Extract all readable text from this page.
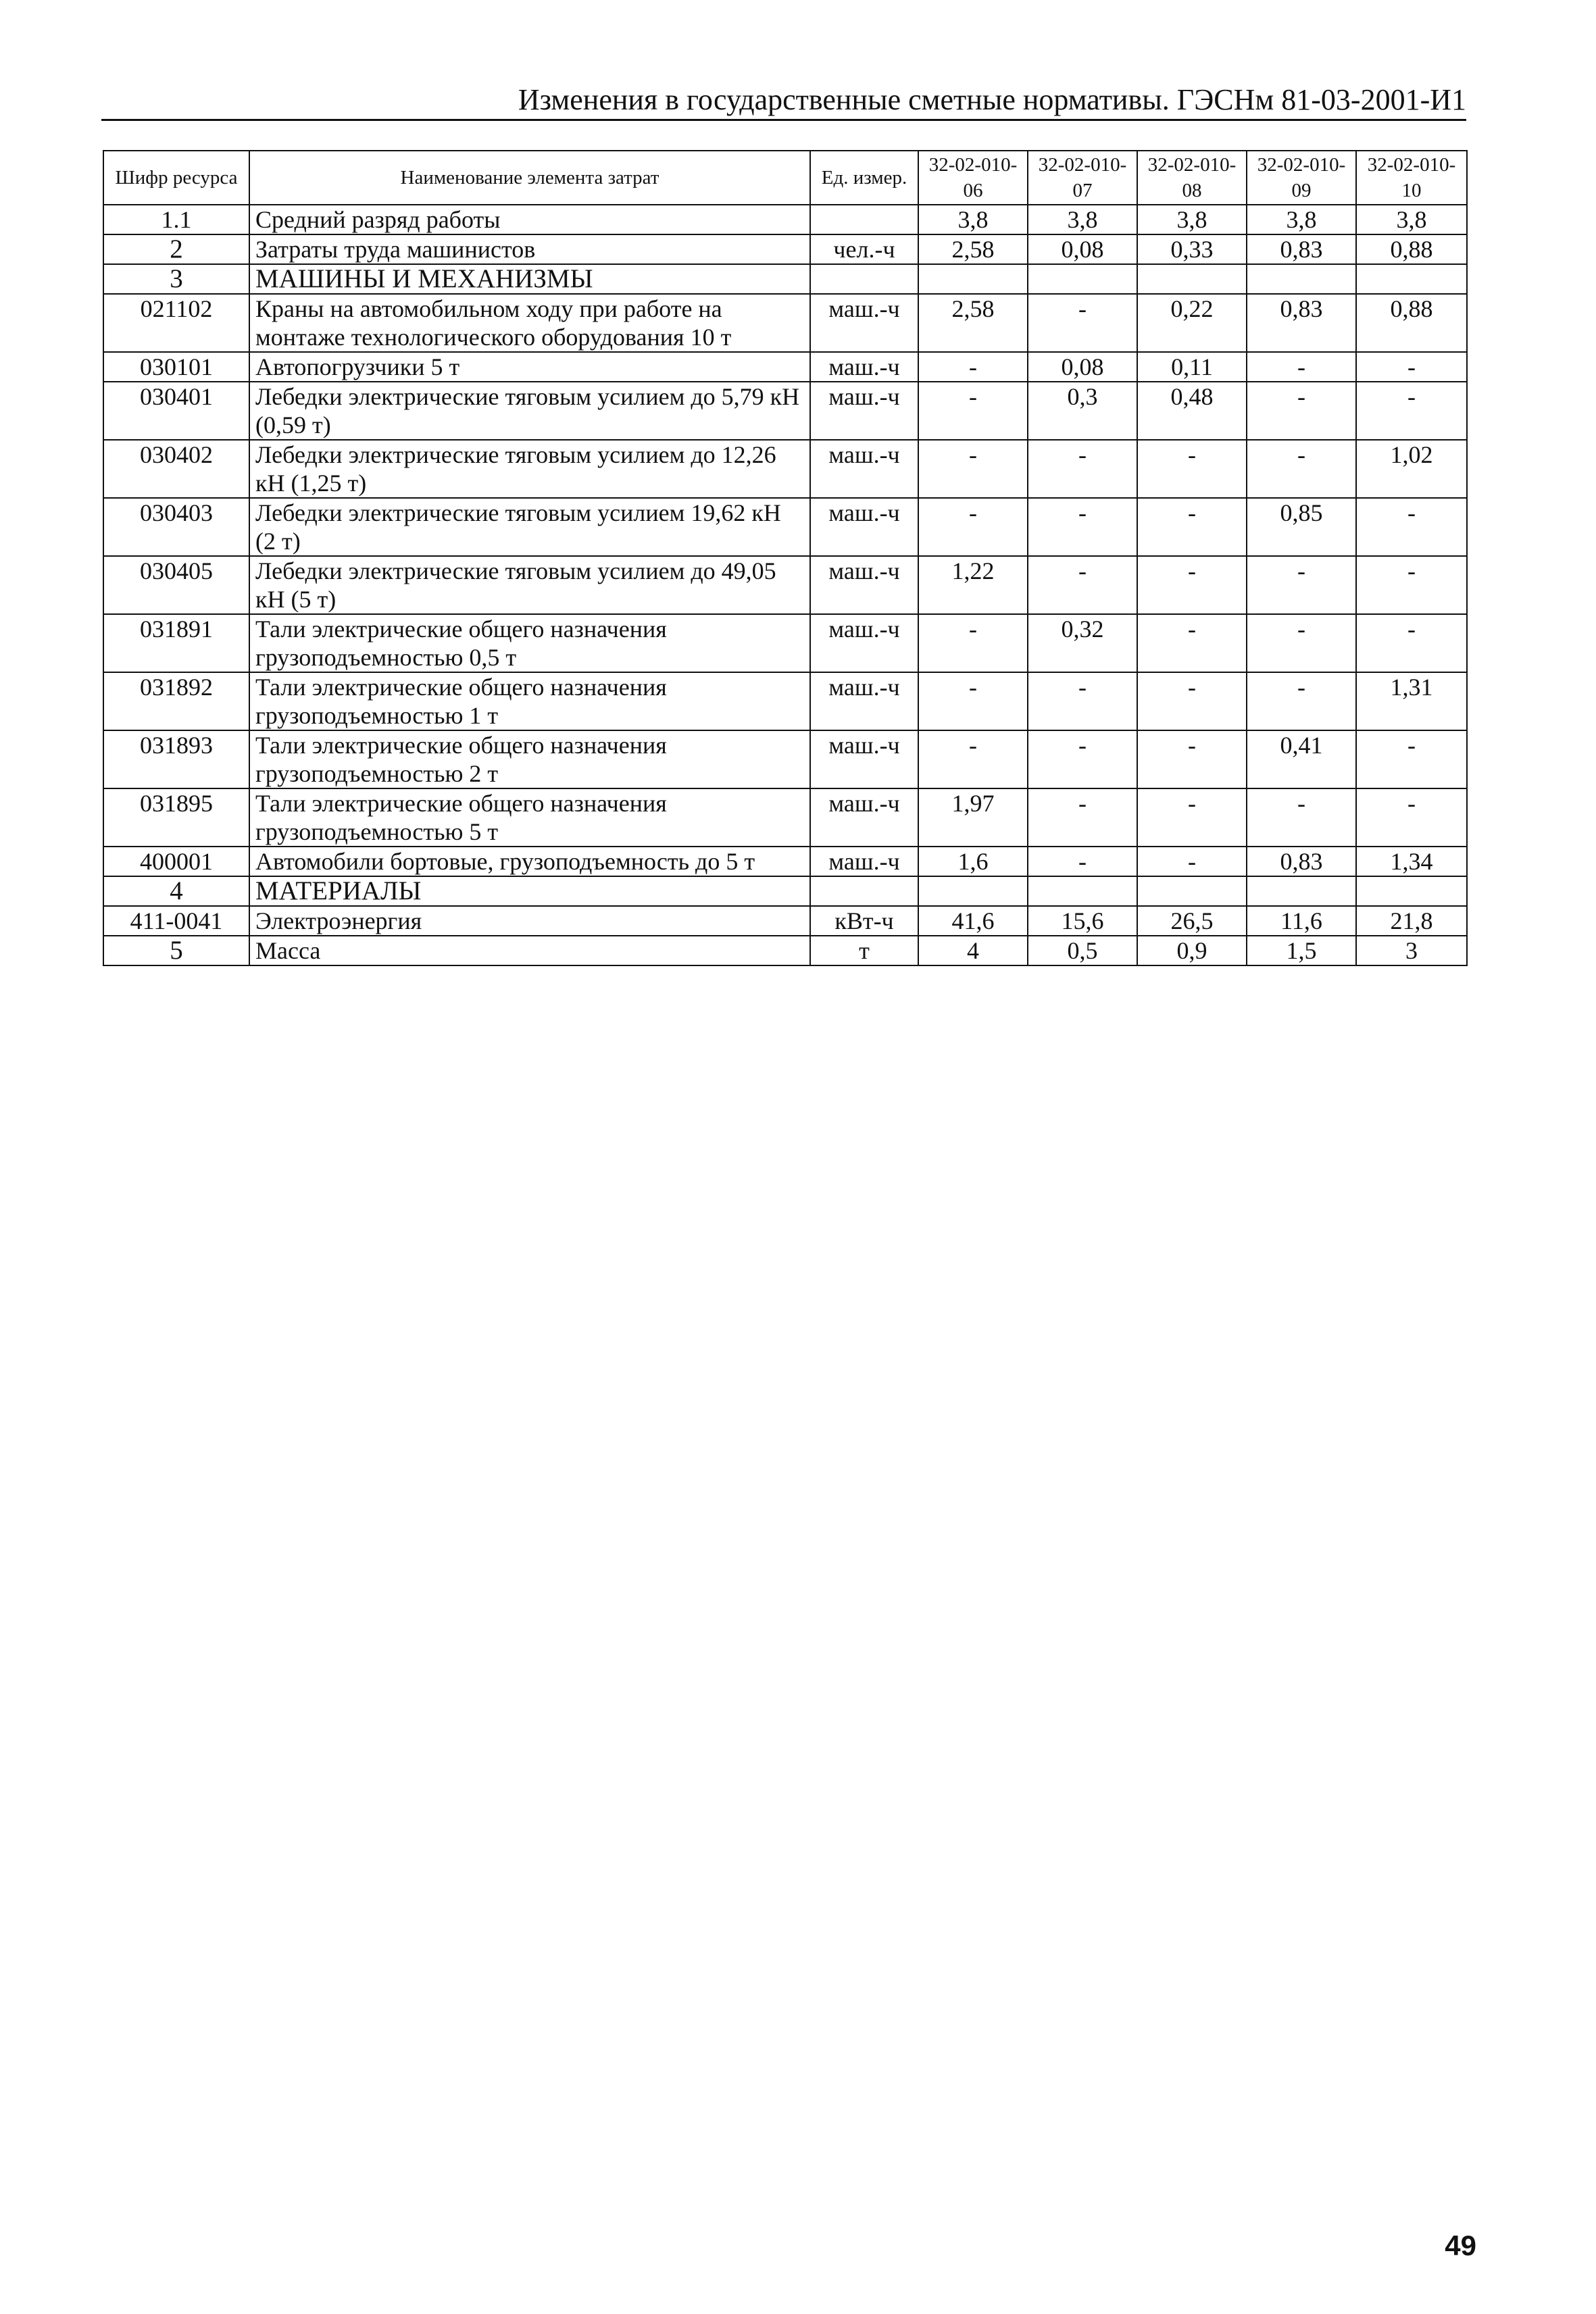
Изменения в государственные сметные нормативы. ГЭСНм 81-03-2001-И1
Шифр ресурса	Наименование элемента затрат	Ед. измер.	32-02-010-06	32-02-010-07	32-02-010-08	32-02-010-09	32-02-010-10
1.1	Средний разряд работы		3,8	3,8	3,8	3,8	3,8
2	Затраты труда машинистов	чел.-ч	2,58	0,08	0,33	0,83	0,88
3	МАШИНЫ И МЕХАНИЗМЫ						
021102	Краны на автомобильном ходу при работе на монтаже технологического оборудования 10 т	маш.-ч	2,58	-	0,22	0,83	0,88
030101	Автопогрузчики 5 т	маш.-ч	-	0,08	0,11	-	-
030401	Лебедки электрические тяговым усилием до 5,79 кН (0,59 т)	маш.-ч	-	0,3	0,48	-	-
030402	Лебедки электрические тяговым усилием до 12,26 кН (1,25 т)	маш.-ч	-	-	-	-	1,02
030403	Лебедки электрические тяговым усилием 19,62 кН (2 т)	маш.-ч	-	-	-	0,85	-
030405	Лебедки электрические тяговым усилием до 49,05 кН (5 т)	маш.-ч	1,22	-	-	-	-
031891	Тали электрические общего назначения грузоподъемностью 0,5 т	маш.-ч	-	0,32	-	-	-
031892	Тали электрические общего назначения грузоподъемностью 1 т	маш.-ч	-	-	-	-	1,31
031893	Тали электрические общего назначения грузоподъемностью 2 т	маш.-ч	-	-	-	0,41	-
031895	Тали электрические общего назначения грузоподъемностью 5 т	маш.-ч	1,97	-	-	-	-
400001	Автомобили бортовые, грузоподъемность до 5 т	маш.-ч	1,6	-	-	0,83	1,34
4	МАТЕРИАЛЫ						
411-0041	Электроэнергия	кВт-ч	41,6	15,6	26,5	11,6	21,8
5	Масса	т	4	0,5	0,9	1,5	3
49
